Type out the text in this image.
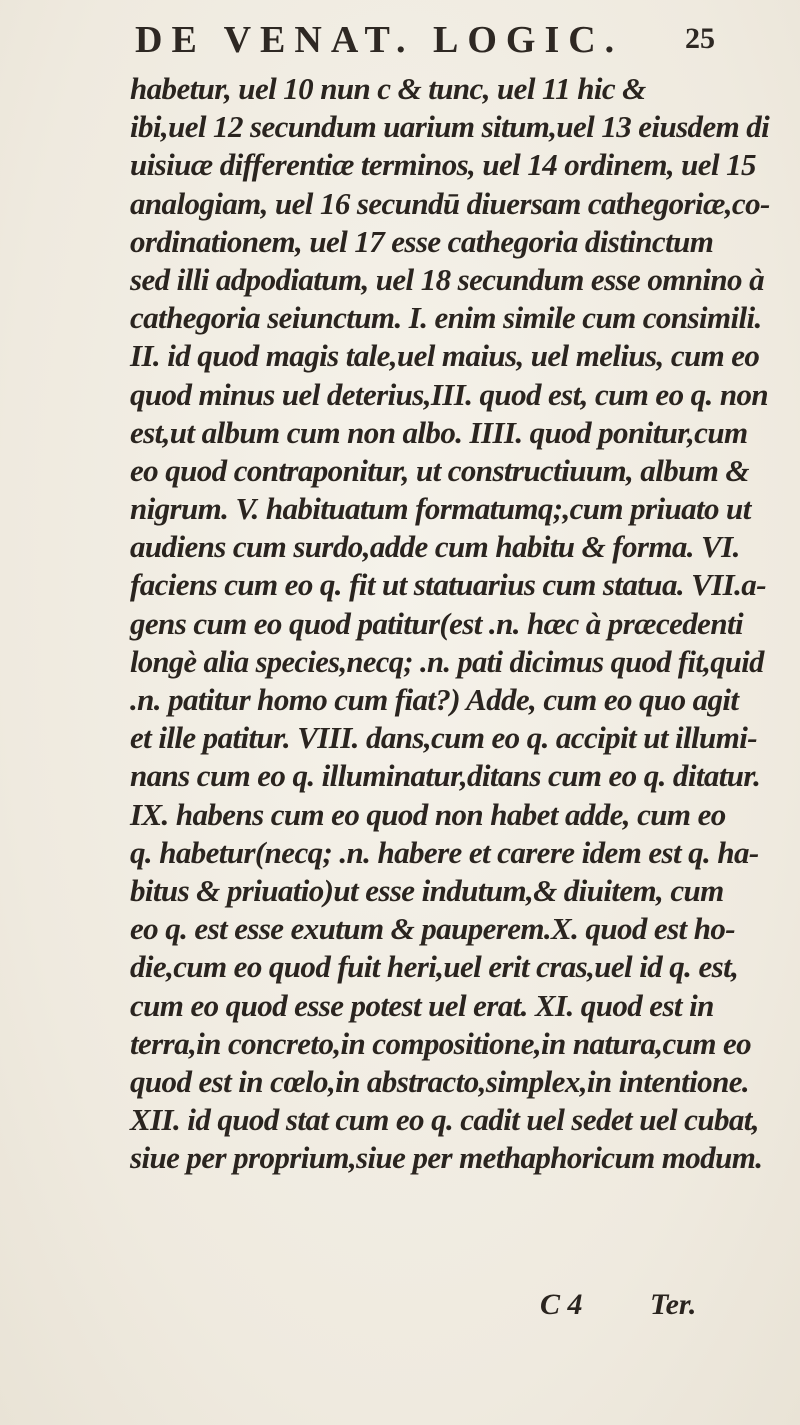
DE VENAT. LOGIC. 25
habetur, uel 10 nun c & tunc, uel 11 hic &
ibi,uel 12 secundum uarium situm,uel 13 eiusdem di
uisiuæ differentiæ terminos, uel 14 ordinem, uel 15
analogiam, uel 16 secundū diuersam cathegoriæ,co-
ordinationem, uel 17 esse cathegoria distinctum
sed illi adpodiatum, uel 18 secundum esse omnino à
cathegoria seiunctum. I. enim simile cum consimili.
II. id quod magis tale,uel maius, uel melius, cum eo
quod minus uel deterius,III. quod est, cum eo q. non
est,ut album cum non albo. IIII. quod ponitur,cum
eo quod contraponitur, ut constructiuum, album &
nigrum. V. habituatum formatumq;,cum priuato ut
audiens cum surdo,adde cum habitu & forma. VI.
faciens cum eo q. fit ut statuarius cum statua. VII.a-
gens cum eo quod patitur(est .n. hæc à præcedenti
longè alia species,necq; .n. pati dicimus quod fit,quid
.n. patitur homo cum fiat?) Adde, cum eo quo agit
et ille patitur. VIII. dans,cum eo q. accipit ut illumi-
nans cum eo q. illuminatur,ditans cum eo q. ditatur.
IX. habens cum eo quod non habet adde, cum eo
q. habetur(necq; .n. habere et carere idem est q. ha-
bitus & priuatio)ut esse indutum,& diuitem, cum
eo q. est esse exutum & pauperem.X. quod est ho-
die,cum eo quod fuit heri,uel erit cras,uel id q. est,
cum eo quod esse potest uel erat. XI. quod est in
terra,in concreto,in compositione,in natura,cum eo
quod est in cœlo,in abstracto,simplex,in intentione.
XII. id quod stat cum eo q. cadit uel sedet uel cubat,
siue per proprium,siue per methaphoricum modum.
C 4 Ter.
